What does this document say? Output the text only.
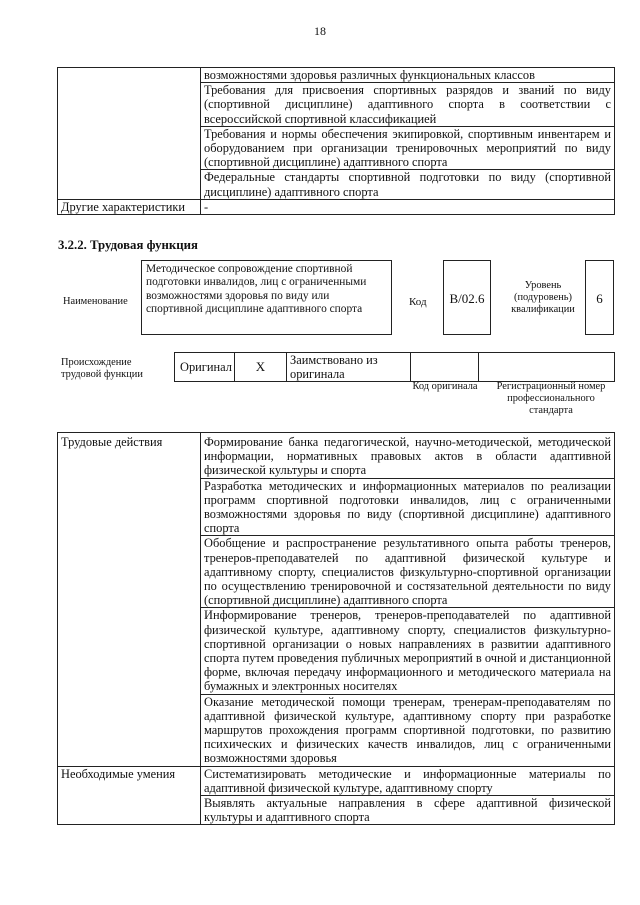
18
	возможностями здоровья различных функциональных классов
	Требования для присвоения спортивных разрядов и званий по виду (спортивной дисциплине) адаптивного спорта в соответствии с всероссийской спортивной классификацией
	Требования и нормы обеспечения экипировкой, спортивным инвентарем и оборудованием при организации тренировочных мероприятий по виду (спортивной дисциплине) адаптивного спорта
	Федеральные стандарты спортивной подготовки по виду (спортивной дисциплине) адаптивного спорта
Другие характеристики	-
3.2.2. Трудовая функция
Наименование
Методическое сопровождение спортивной подготовки инвалидов, лиц с ограниченными возможностями здоровья по виду или спортивной дисциплине адаптивного спорта
Код	В/02.6
Уровень (подуровень) квалификации
6
Происхождение трудовой функции
Оригинал	X	Заимствовано из оригинала		
Код оригинала	Регистрационный номер профессионального стандарта
Трудовые действия	Формирование банка педагогической, научно-методической, методической информации, нормативных правовых актов в области адаптивной физической культуры и спорта
	Разработка методических и информационных материалов по реализации программ спортивной подготовки инвалидов, лиц с ограниченными возможностями здоровья по виду (спортивной дисциплине) адаптивного спорта
	Обобщение и распространение результативного опыта работы тренеров, тренеров-преподавателей по адаптивной физической культуре и адаптивному спорту, специалистов физкультурно-спортивной организации по осуществлению тренировочной и состязательной деятельности по виду (спортивной дисциплине) адаптивного спорта
	Информирование тренеров, тренеров-преподавателей по адаптивной физической культуре, адаптивному спорту, специалистов физкультурно-спортивной организации о новых направлениях в развитии адаптивного спорта путем проведения публичных мероприятий в очной и дистанционной форме, включая передачу информационного и методического материала на бумажных и электронных носителях
	Оказание методической помощи тренерам, тренерам-преподавателям по адаптивной физической культуре, адаптивному спорту при разработке маршрутов прохождения программ спортивной подготовки, по развитию психических и физических качеств инвалидов, лиц с ограниченными возможностями здоровья
Необходимые умения	Систематизировать методические и информационные материалы по адаптивной физической культуре, адаптивному спорту
	Выявлять актуальные направления в сфере адаптивной физической культуры и адаптивного спорта
